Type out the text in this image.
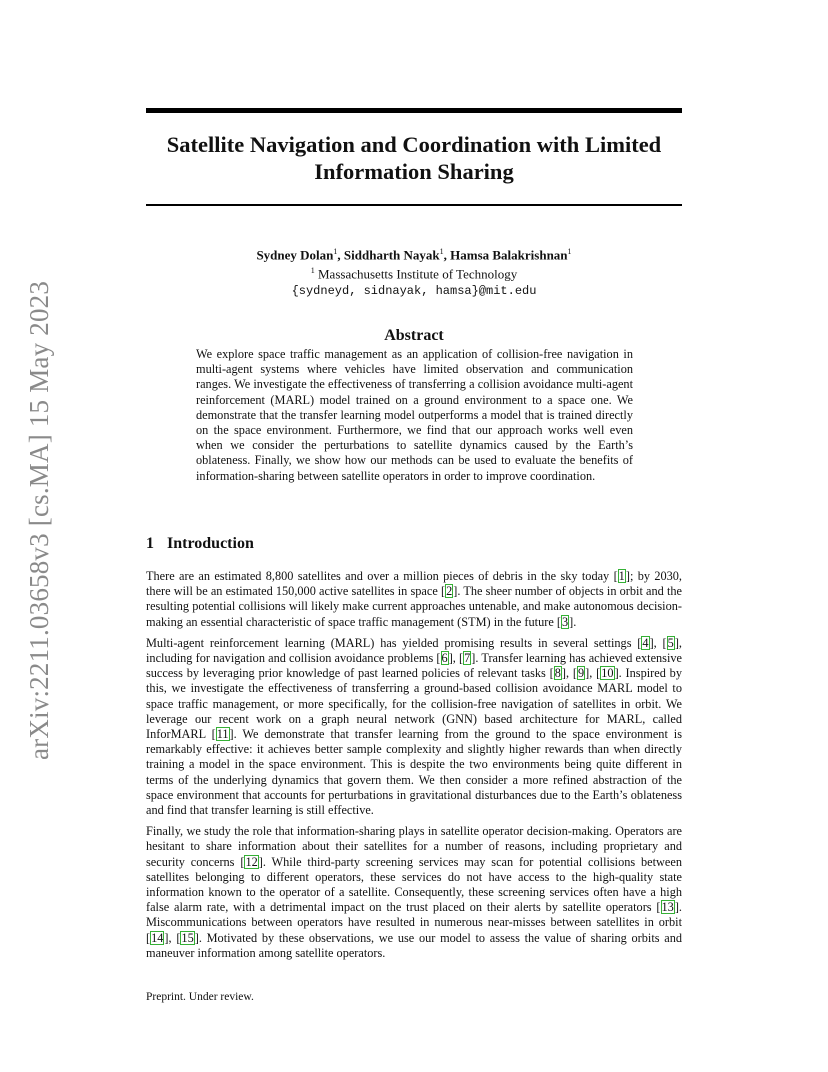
arXiv:2211.03658v3 [cs.MA] 15 May 2023
Satellite Navigation and Coordination with Limited Information Sharing
Sydney Dolan$^1$, Siddharth Nayak$^1$, Hamsa Balakrishnan$^1$
$^1$ Massachusetts Institute of Technology
{sydneyd, sidnayak, hamsa}@mit.edu
Abstract
We explore space traffic management as an application of collision-free navigation in multi-agent systems where vehicles have limited observation and communication ranges. We investigate the effectiveness of transferring a collision avoidance multi-agent reinforcement (MARL) model trained on a ground environment to a space one. We demonstrate that the transfer learning model outperforms a model that is trained directly on the space environment. Furthermore, we find that our approach works well even when we consider the perturbations to satellite dynamics caused by the Earth’s oblateness. Finally, we show how our methods can be used to evaluate the benefits of information-sharing between satellite operators in order to improve coordination.
1 Introduction

There are an estimated 8,800 satellites and over a million pieces of debris in the sky today [1]; by 2030, there will be an estimated 150,000 active satellites in space [2]. The sheer number of objects in orbit and the resulting potential collisions will likely make current approaches untenable, and make autonomous decision-making an essential characteristic of space traffic management (STM) in the future [3].

Multi-agent reinforcement learning (MARL) has yielded promising results in several settings [4], [5], including for navigation and collision avoidance problems [6], [7]. Transfer learning has achieved extensive success by leveraging prior knowledge of past learned policies of relevant tasks [8], [9], [10]. Inspired by this, we investigate the effectiveness of transferring a ground-based collision avoidance MARL model to space traffic management, or more specifically, for the collision-free navigation of satellites in orbit. We leverage our recent work on a graph neural network (GNN) based architecture for MARL, called InforMARL [11]. We demonstrate that transfer learning from the ground to the space environment is remarkably effective: it achieves better sample complexity and slightly higher rewards than when directly training a model in the space environment. This is despite the two environments being quite different in terms of the underlying dynamics that govern them. We then consider a more refined abstraction of the space environment that accounts for perturbations in gravitational disturbances due to the Earth’s oblateness and find that transfer learning is still effective.

Finally, we study the role that information-sharing plays in satellite operator decision-making. Operators are hesitant to share information about their satellites for a number of reasons, including proprietary and security concerns [12]. While third-party screening services may scan for potential collisions between satellites belonging to different operators, these services do not have access to the high-quality state information known to the operator of a satellite. Consequently, these screening services often have a high false alarm rate, with a detrimental impact on the trust placed on their alerts by satellite operators [13]. Miscommunications between operators have resulted in numerous near-misses between satellites in orbit [14], [15]. Motivated by these observations, we use our model to assess the value of sharing orbits and maneuver information among satellite operators.

Preprint. Under review.
